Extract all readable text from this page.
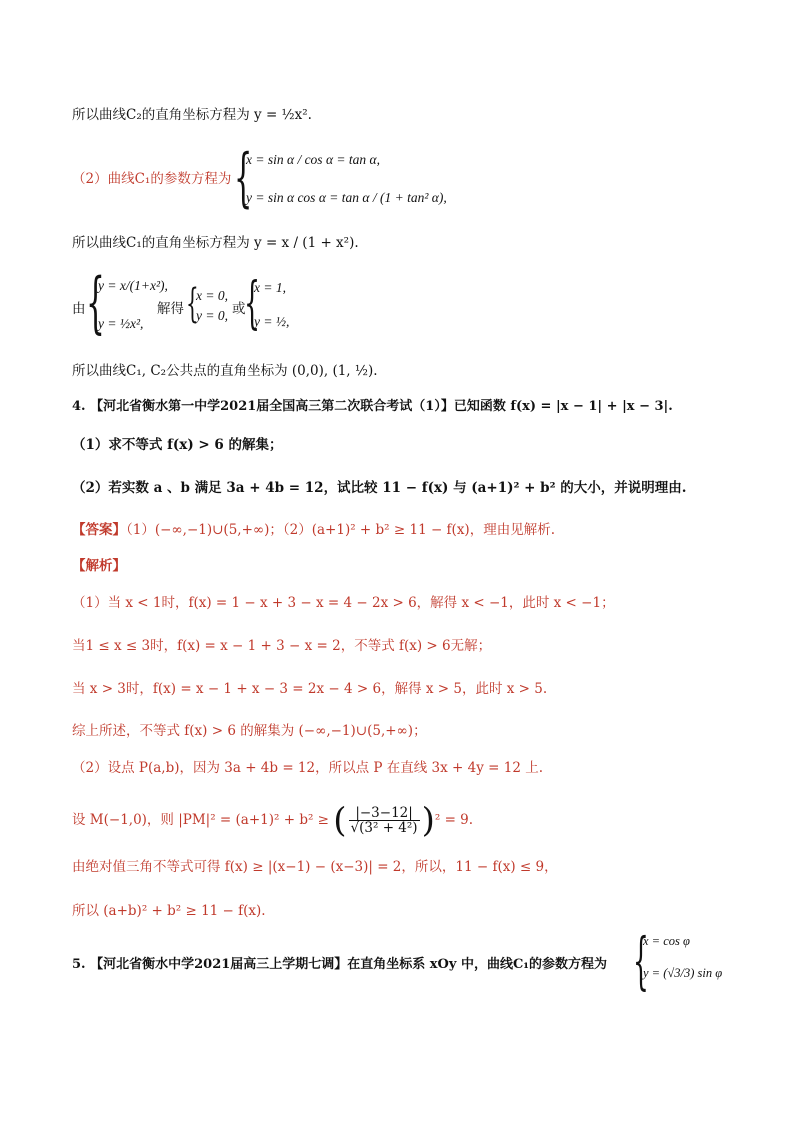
所以曲线C₂的直角坐标方程为 y = ½x².
（2）曲线C₁的参数方程为 {
x = sin α / cos α = tan α,
y = sin α cos α = tan α / (1 + tan² α),
所以曲线C₁的直角坐标方程为 y = x / (1 + x²).
由 {
y = x/(1+x²),
y = ½x²,
解得 {
x = 0,
y = 0, 或
{
x = 1,
y = ½,
所以曲线C₁, C₂公共点的直角坐标为 (0,0), (1, ½).
4. 【河北省衡水第一中学2021届全国高三第二次联合考试（1）】已知函数 f(x) = |x − 1| + |x − 3|.
（1）求不等式 f(x) > 6 的解集；
（2）若实数 a 、b 满足 3a + 4b = 12，试比较 11 − f(x) 与 (a+1)² + b² 的大小，并说明理由.
【答案】（1）(−∞,−1)∪(5,+∞)；（2）(a+1)² + b² ≥ 11 − f(x)，理由见解析.
【解析】
（1）当 x < 1时，f(x) = 1 − x + 3 − x = 4 − 2x > 6，解得 x < −1，此时 x < −1；
当1 ≤ x ≤ 3时，f(x) = x − 1 + 3 − x = 2，不等式 f(x) > 6无解；
当 x > 3时，f(x) = x − 1 + x − 3 = 2x − 4 > 6，解得 x > 5，此时 x > 5.
综上所述，不等式 f(x) > 6 的解集为 (−∞,−1)∪(5,+∞)；
（2）设点 P(a,b)，因为 3a + 4b = 12，所以点 P 在直线 3x + 4y = 12 上.
设 M(−1,0)，则 |PM|² = (a+1)² + b² ≥ ( $\frac{|-3-12|}{\text{√(3² + 4²)}} )^2 = 9$.
由绝对值三角不等式可得 f(x) ≥ |(x−1) − (x−3)| = 2，所以，11 − f(x) ≤ 9，
所以 (a+b)² + b² ≥ 11 − f(x).
5. 【河北省衡水中学2021届高三上学期七调】在直角坐标系 xOy 中，曲线C₁的参数方程为 {
x = cos φ
y = (√3/3) sin φ
